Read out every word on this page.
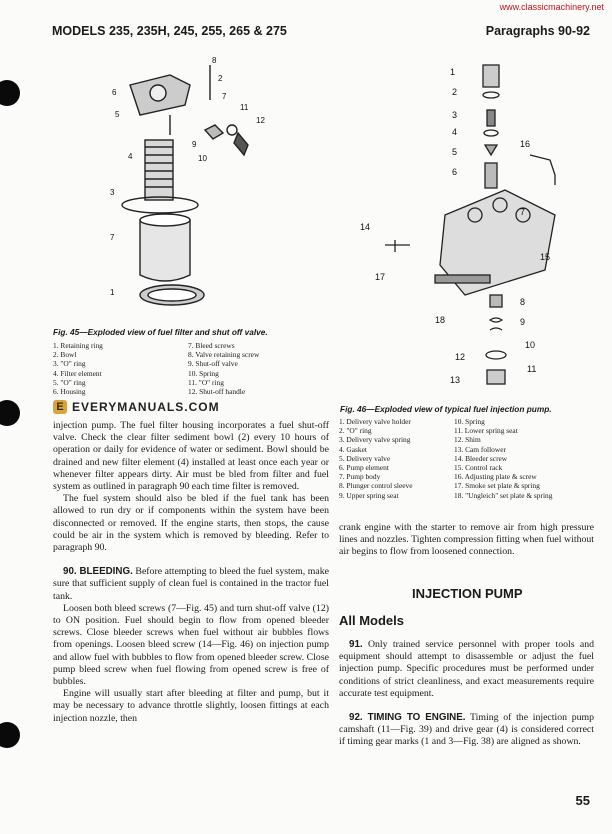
www.classicmachinery.net
MODELS 235, 235H, 245, 255, 265 & 275	Paragraphs 90-92
4
6
5
3
7
1
8
2
7
9
10
11
12
Fig. 45—Exploded view of fuel filter and shut off valve.
1. Retaining ring
2. Bowl
3. "O" ring
4. Filter element
5. "O" ring
6. Housing
7. Bleed screws
8. Valve retaining screw
9. Shut-off valve
10. Spring
11. "O" ring
12. Shut-off handle
E EVERYMANUALS.COM
1
2
3
4
5
6
7
8
9
10
11
12
13
14
15
16
17
18
Fig. 46—Exploded view of typical fuel injection pump.
1. Delivery valve holder
2. "O" ring
3. Delivery valve spring
4. Gasket
5. Delivery valve
6. Pump element
7. Pump body
8. Plunger control sleeve
9. Upper spring seat
10. Spring
11. Lower spring seat
12. Shim
13. Cam follower
14. Bleeder screw
15. Control rack
16. Adjusting plate & screw
17. Smoke set plate & spring
18. "Ungleich" set plate & spring

injection pump. The fuel filter housing incorporates a fuel shut-off valve. Check the clear filter sediment bowl (2) every 10 hours of operation or daily for evidence of water or sediment. Bowl should be drained and new filter element (4) installed at least once each year or whenever filter appears dirty. Air must be bled from filter and fuel system as outlined in paragraph 90 each time filter is removed.

The fuel system should also be bled if the fuel tank has been allowed to run dry or if components within the system have been disconnected or removed. If the engine starts, then stops, the cause could be air in the system which is removed by bleeding. Refer to paragraph 90.

90. BLEEDING. Before attempting to bleed the fuel system, make sure that sufficient supply of clean fuel is contained in the tractor fuel tank.

Loosen both bleed screws (7—Fig. 45) and turn shut-off valve (12) to ON position. Fuel should begin to flow from opened bleeder screws. Close bleeder screws when fuel without air bubbles flows from openings. Loosen bleed screw (14—Fig. 46) on injection pump and allow fuel with bubbles to flow from opened bleeder screw. Close pump bleed screw when fuel flowing from opened screw is free of bubbles.

Engine will usually start after bleeding at filter and pump, but it may be necessary to advance throttle slightly, loosen fittings at each injection nozzle, then

crank engine with the starter to remove air from high pressure lines and nozzles. Tighten compression fitting when fuel without air begins to flow from loosened connection.

INJECTION PUMP
All Models

91. Only trained service personnel with proper tools and equipment should attempt to disassemble or adjust the fuel injection pump. Specific procedures must be performed under conditions of strict cleanliness, and exact measurements require accurate test equipment.

92. TIMING TO ENGINE. Timing of the injection pump camshaft (11—Fig. 39) and drive gear (4) is considered correct if timing gear marks (1 and 3—Fig. 38) are aligned as shown.

55
